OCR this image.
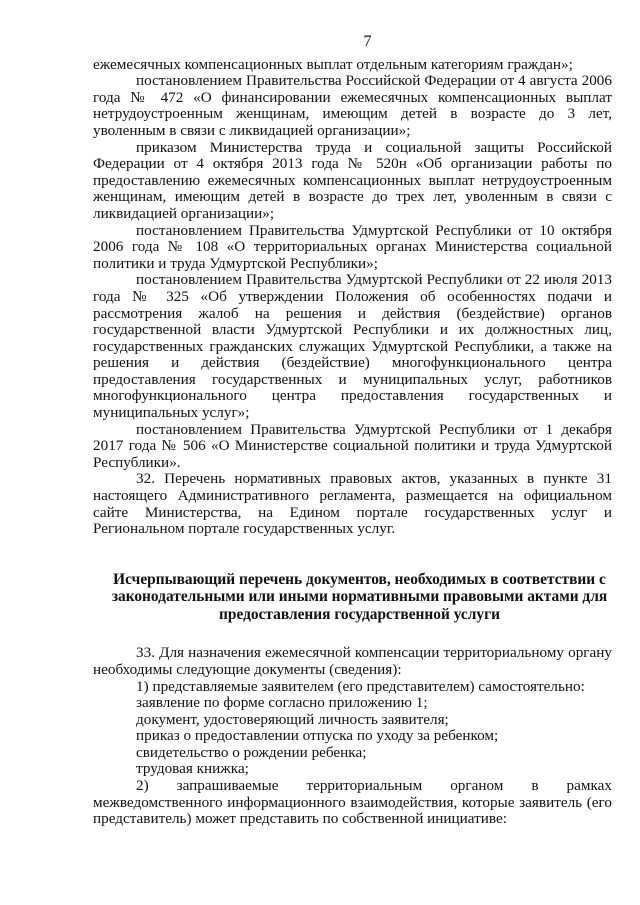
7

ежемесячных компенсационных выплат отдельным категориям граждан»;

постановлением Правительства Российской Федерации от 4 августа 2006 года № 472 «О финансировании ежемесячных компенсационных выплат нетрудоустроенным женщинам, имеющим детей в возрасте до 3 лет, уволенным в связи с ликвидацией организации»;

приказом Министерства труда и социальной защиты Российской Федерации от 4 октября 2013 года № 520н «Об организации работы по предоставлению ежемесячных компенсационных выплат нетрудоустроенным женщинам, имеющим детей в возрасте до трех лет, уволенным в связи с ликвидацией организации»;

постановлением Правительства Удмуртской Республики от 10 октября 2006 года № 108 «О территориальных органах Министерства социальной политики и труда Удмуртской Республики»;

постановлением Правительства Удмуртской Республики от 22 июля 2013 года № 325 «Об утверждении Положения об особенностях подачи и рассмотрения жалоб на решения и действия (бездействие) органов государственной власти Удмуртской Республики и их должностных лиц, государственных гражданских служащих Удмуртской Республики, а также на решения и действия (бездействие) многофункционального центра предоставления государственных и муниципальных услуг, работников многофункционального центра предоставления государственных и муниципальных услуг»;

постановлением Правительства Удмуртской Республики от 1 декабря 2017 года № 506 «О Министерстве социальной политики и труда Удмуртской Республики».

32. Перечень нормативных правовых актов, указанных в пункте 31 настоящего Административного регламента, размещается на официальном сайте Министерства, на Едином портале государственных услуг и Региональном портале государственных услуг.

Исчерпывающий перечень документов, необходимых в соответствии с законодательными или иными нормативными правовыми актами для предоставления государственной услуги

33. Для назначения ежемесячной компенсации территориальному органу необходимы следующие документы (сведения):

1) представляемые заявителем (его представителем) самостоятельно:

заявление по форме согласно приложению 1;

документ, удостоверяющий личность заявителя;

приказ о предоставлении отпуска по уходу за ребенком;

свидетельство о рождении ребенка;

трудовая книжка;

2) запрашиваемые территориальным органом в рамках межведомственного информационного взаимодействия, которые заявитель (его представитель) может представить по собственной инициативе:
